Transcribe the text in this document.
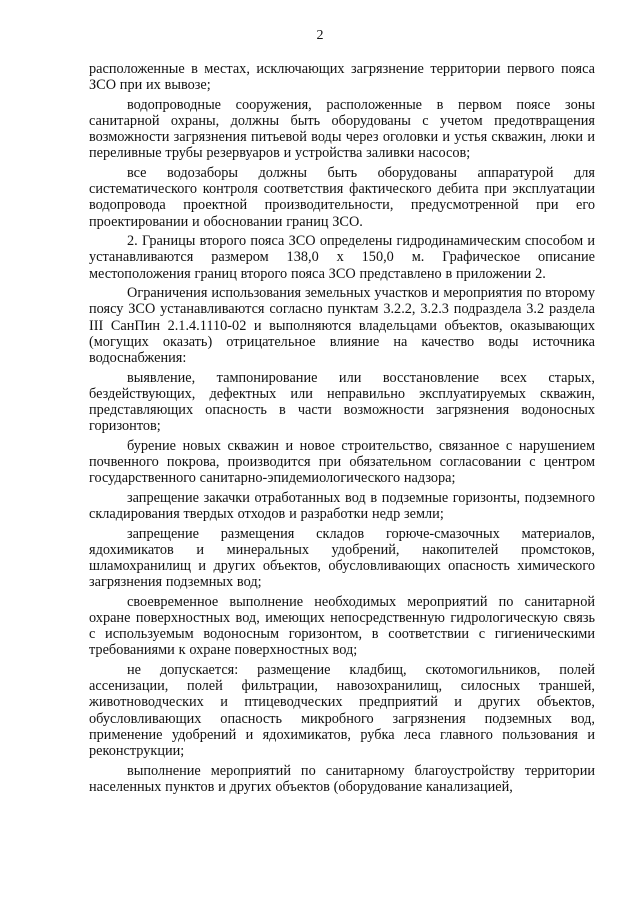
2

расположенные в местах, исключающих загрязнение территории первого пояса ЗСО при их вывозе;

водопроводные сооружения, расположенные в первом поясе зоны санитарной охраны, должны быть оборудованы с учетом предотвращения возможности загрязнения питьевой воды через оголовки и устья скважин, люки и переливные трубы резервуаров и устройства заливки насосов;

все водозаборы должны быть оборудованы аппаратурой для систематического контроля соответствия фактического дебита при эксплуатации водопровода проектной производительности, предусмотренной при его проектировании и обосновании границ ЗСО.

2. Границы второго пояса ЗСО определены гидродинамическим способом и устанавливаются размером 138,0 х 150,0 м. Графическое описание местоположения границ второго пояса ЗСО представлено в приложении 2.

Ограничения использования земельных участков и мероприятия по второму поясу ЗСО устанавливаются согласно пунктам 3.2.2, 3.2.3 подраздела 3.2 раздела III СанПин 2.1.4.1110-02 и выполняются владельцами объектов, оказывающих (могущих оказать) отрицательное влияние на качество воды источника водоснабжения:

выявление, тампонирование или восстановление всех старых, бездействующих, дефектных или неправильно эксплуатируемых скважин, представляющих опасность в части возможности загрязнения водоносных горизонтов;

бурение новых скважин и новое строительство, связанное с нарушением почвенного покрова, производится при обязательном согласовании с центром государственного санитарно-эпидемиологического надзора;

запрещение закачки отработанных вод в подземные горизонты, подземного складирования твердых отходов и разработки недр земли;

запрещение размещения складов горюче-смазочных материалов, ядохимикатов и минеральных удобрений, накопителей промстоков, шламохранилищ и других объектов, обусловливающих опасность химического загрязнения подземных вод;

своевременное выполнение необходимых мероприятий по санитарной охране поверхностных вод, имеющих непосредственную гидрологическую связь с используемым водоносным горизонтом, в соответствии с гигиеническими требованиями к охране поверхностных вод;

не допускается: размещение кладбищ, скотомогильников, полей ассенизации, полей фильтрации, навозохранилищ, силосных траншей, животноводческих и птицеводческих предприятий и других объектов, обусловливающих опасность микробного загрязнения подземных вод, применение удобрений и ядохимикатов, рубка леса главного пользования и реконструкции;

выполнение мероприятий по санитарному благоустройству территории населенных пунктов и других объектов (оборудование канализацией,
